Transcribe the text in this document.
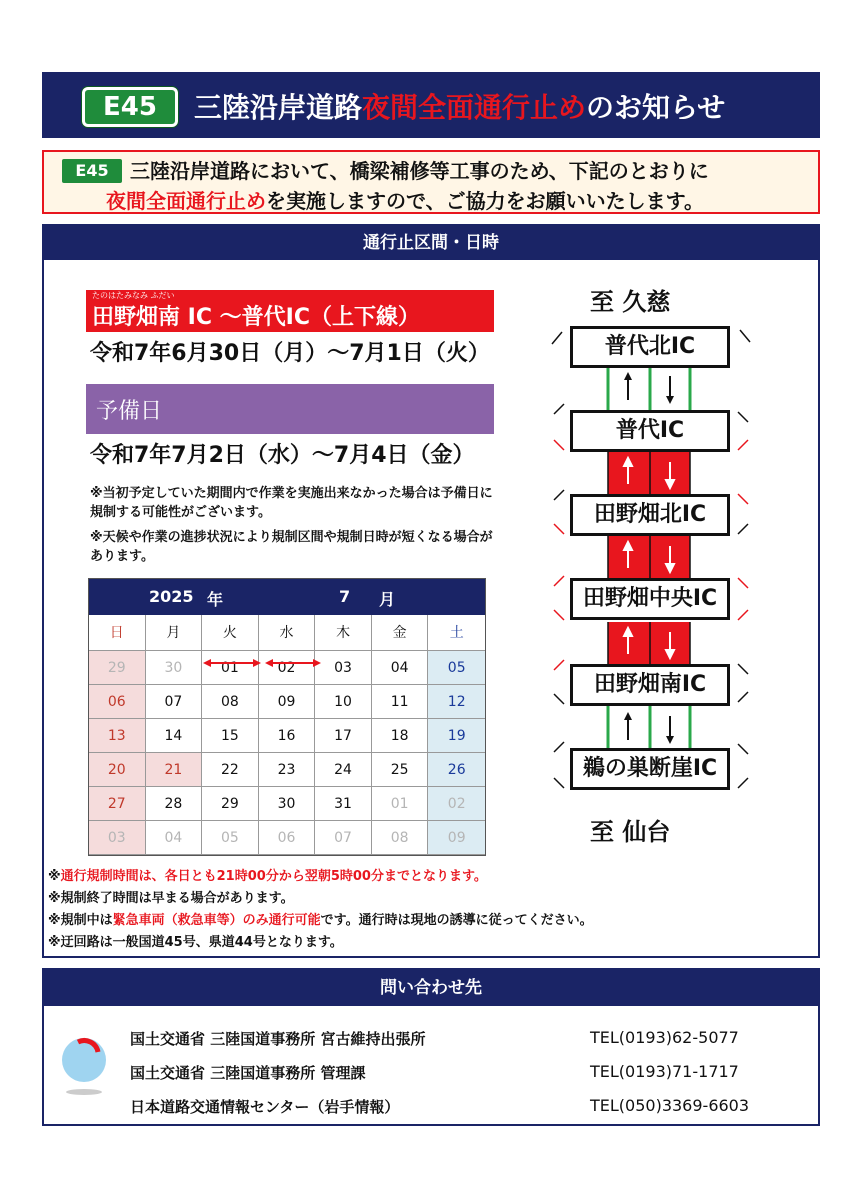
E45	三陸沿岸道路夜間全面通行止めのお知らせ
E45	三陸沿岸道路において、橋梁補修等工事のため、下記のとおりに
夜間全面通行止めを実施しますので、ご協力をお願いいたします。
通行止区間・日時
たのはたみなみ ふだい
田野畑南 IC ～普代IC（上下線）
令和7年6月30日（月）～7月1日（火）
予備日
令和7年7月2日（水）～7月4日（金）
※当初予定していた期間内で作業を実施出来なかった場合は予備日に規制する可能性がございます。
※天候や作業の進捗状況により規制区間や規制日時が短くなる場合があります。
2025 年	7 月
日	月	火	水	木	金	土
29	30	01	02	03	04	05
06	07	08	09	10	11	12
13	14	15	16	17	18	19
20	21	22	23	24	25	26
27	28	29	30	31	01	02
03	04	05	06	07	08	09
※通行規制時間は、各日とも21時00分から翌朝5時00分までとなります。
※規制終了時間は早まる場合があります。
※規制中は緊急車両（救急車等）のみ通行可能です。通行時は現地の誘導に従ってください。
※迂回路は一般国道45号、県道44号となります。
至 久慈
普代北IC
普代IC
田野畑北IC
田野畑中央IC
田野畑南IC
鵜の巣断崖IC
至 仙台
問い合わせ先
国土交通省 三陸国道事務所 宮古維持出張所	TEL(0193)62-5077
国土交通省 三陸国道事務所 管理課	TEL(0193)71-1717
日本道路交通情報センター（岩手情報）	TEL(050)3369-6603
